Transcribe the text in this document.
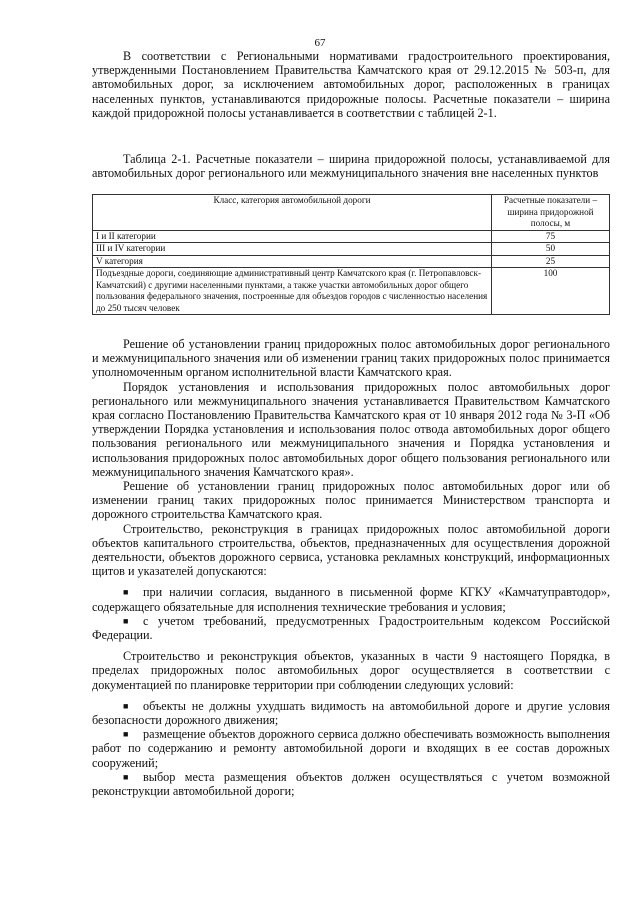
67

В соответствии с Региональными нормативами градостроительного проектирования, утвержденными Постановлением Правительства Камчатского края от 29.12.2015 № 503-п, для автомобильных дорог, за исключением автомобильных дорог, расположенных в границах населенных пунктов, устанавливаются придорожные полосы. Расчетные показатели – ширина каждой придорожной полосы устанавливается в соответствии с таблицей 2-1.

Таблица 2-1. Расчетные показатели – ширина придорожной полосы, устанавливаемой для автомобильных дорог регионального или межмуниципального значения вне населенных пунктов

Класс, категория автомобильной дороги	Расчетные показатели – ширина придорожной полосы, м
I и II категории	75
III и IV категории	50
V категория	25
Подъездные дороги, соединяющие административный центр Камчатского края (г. Петропавловск-Камчатский) с другими населенными пунктами, а также участки автомобильных дорог общего пользования федерального значения, построенные для объездов городов с численностью населения до 250 тысяч человек	100

Решение об установлении границ придорожных полос автомобильных дорог регионального и межмуниципального значения или об изменении границ таких придорожных полос принимается уполномоченным органом исполнительной власти Камчатского края.

Порядок установления и использования придорожных полос автомобильных дорог регионального или межмуниципального значения устанавливается Правительством Камчатского края согласно Постановлению Правительства Камчатского края от 10 января 2012 года № 3-П «Об утверждении Порядка установления и использования полос отвода автомобильных дорог общего пользования регионального или межмуниципального значения и Порядка установления и использования придорожных полос автомобильных дорог общего пользования регионального или межмуниципального значения Камчатского края».

Решение об установлении границ придорожных полос автомобильных дорог или об изменении границ таких придорожных полос принимается Министерством транспорта и дорожного строительства Камчатского края.

Строительство, реконструкция в границах придорожных полос автомобильной дороги объектов капитального строительства, объектов, предназначенных для осуществления дорожной деятельности, объектов дорожного сервиса, установка рекламных конструкций, информационных щитов и указателей допускаются:

■ при наличии согласия, выданного в письменной форме КГКУ «Камчатуправтодор», содержащего обязательные для исполнения технические требования и условия;

■ с учетом требований, предусмотренных Градостроительным кодексом Российской Федерации.

Строительство и реконструкция объектов, указанных в части 9 настоящего Порядка, в пределах придорожных полос автомобильных дорог осуществляется в соответствии с документацией по планировке территории при соблюдении следующих условий:

■ объекты не должны ухудшать видимость на автомобильной дороге и другие условия безопасности дорожного движения;

■ размещение объектов дорожного сервиса должно обеспечивать возможность выполнения работ по содержанию и ремонту автомобильной дороги и входящих в ее состав дорожных сооружений;

■ выбор места размещения объектов должен осуществляться с учетом возможной реконструкции автомобильной дороги;
